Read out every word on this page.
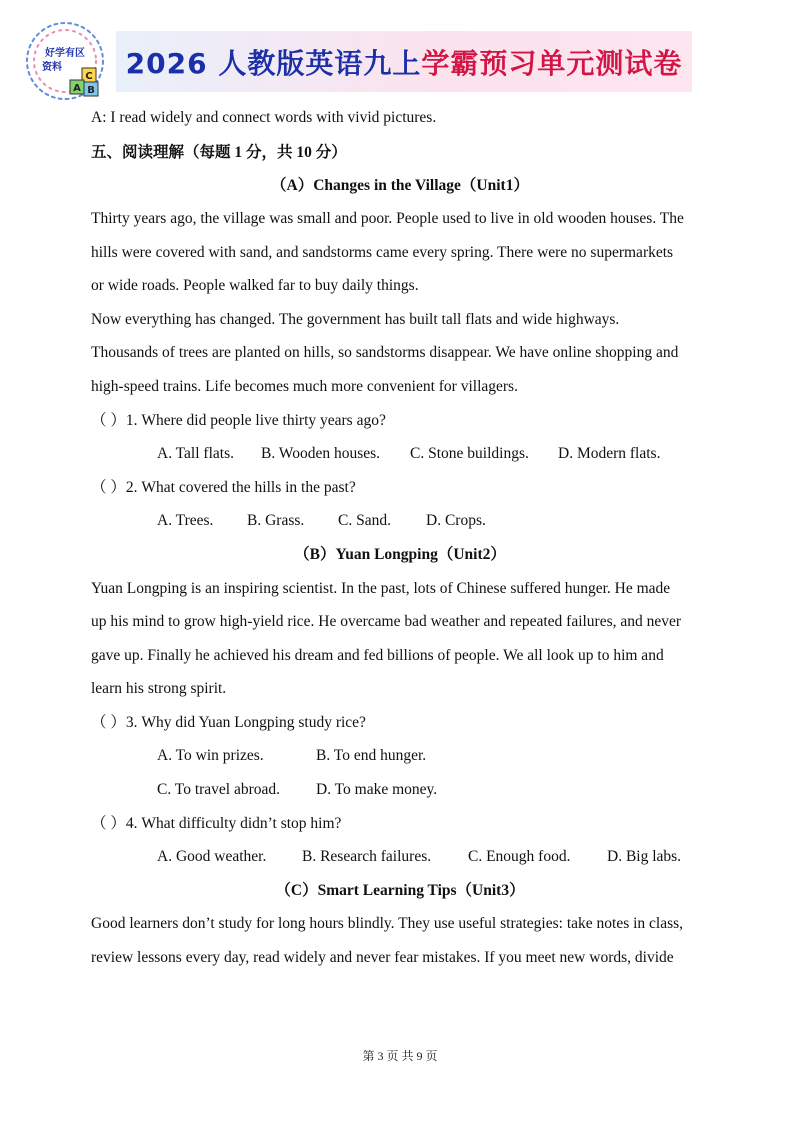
好学有区
资料
C
A B
2026 人教版英语九上 学霸预习单元测试卷
A: I read widely and connect words with vivid pictures.
五、阅读理解（每题 1 分，共 10 分）
（A）Changes in the Village（Unit1）
Thirty years ago, the village was small and poor. People used to live in old wooden houses. The
hills were covered with sand, and sandstorms came every spring. There were no supermarkets
or wide roads. People walked far to buy daily things.
Now everything has changed. The government has built tall flats and wide highways.
Thousands of trees are planted on hills, so sandstorms disappear. We have online shopping and
high-speed trains. Life becomes much more convenient for villagers.
（ ）1. Where did people live thirty years ago?
A. Tall flats. B. Wooden houses. C. Stone buildings. D. Modern flats.
（ ）2. What covered the hills in the past?
A. Trees. B. Grass. C. Sand. D. Crops.
（B）Yuan Longping（Unit2）
Yuan Longping is an inspiring scientist. In the past, lots of Chinese suffered hunger. He made
up his mind to grow high-yield rice. He overcame bad weather and repeated failures, and never
gave up. Finally he achieved his dream and fed billions of people. We all look up to him and
learn his strong spirit.
（ ）3. Why did Yuan Longping study rice?
A. To win prizes.	B. To end hunger.
C. To travel abroad. D. To make money.
（ ）4. What difficulty didn’t stop him?
A. Good weather. B. Research failures. C. Enough food. D. Big labs.
（C）Smart Learning Tips（Unit3）
Good learners don’t study for long hours blindly. They use useful strategies: take notes in class,
review lessons every day, read widely and never fear mistakes. If you meet new words, divide
第 3 页 共 9 页
